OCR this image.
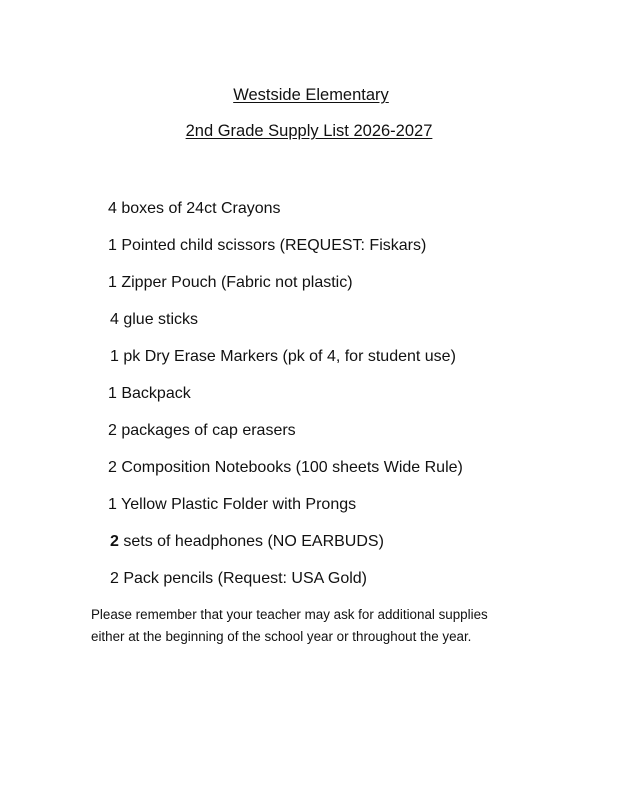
Westside Elementary
2nd Grade Supply List 2026-2027
4 boxes of 24ct Crayons
1 Pointed child scissors (REQUEST: Fiskars)
1 Zipper Pouch (Fabric not plastic)
4 glue sticks
1 pk Dry Erase Markers (pk of 4, for student use)
1 Backpack
2 packages of cap erasers
2 Composition Notebooks (100 sheets Wide Rule)
1 Yellow Plastic Folder with Prongs
2 sets of headphones (NO EARBUDS)
2 Pack pencils (Request: USA Gold)
Please remember that your teacher may ask for additional supplies
either at the beginning of the school year or throughout the year.
